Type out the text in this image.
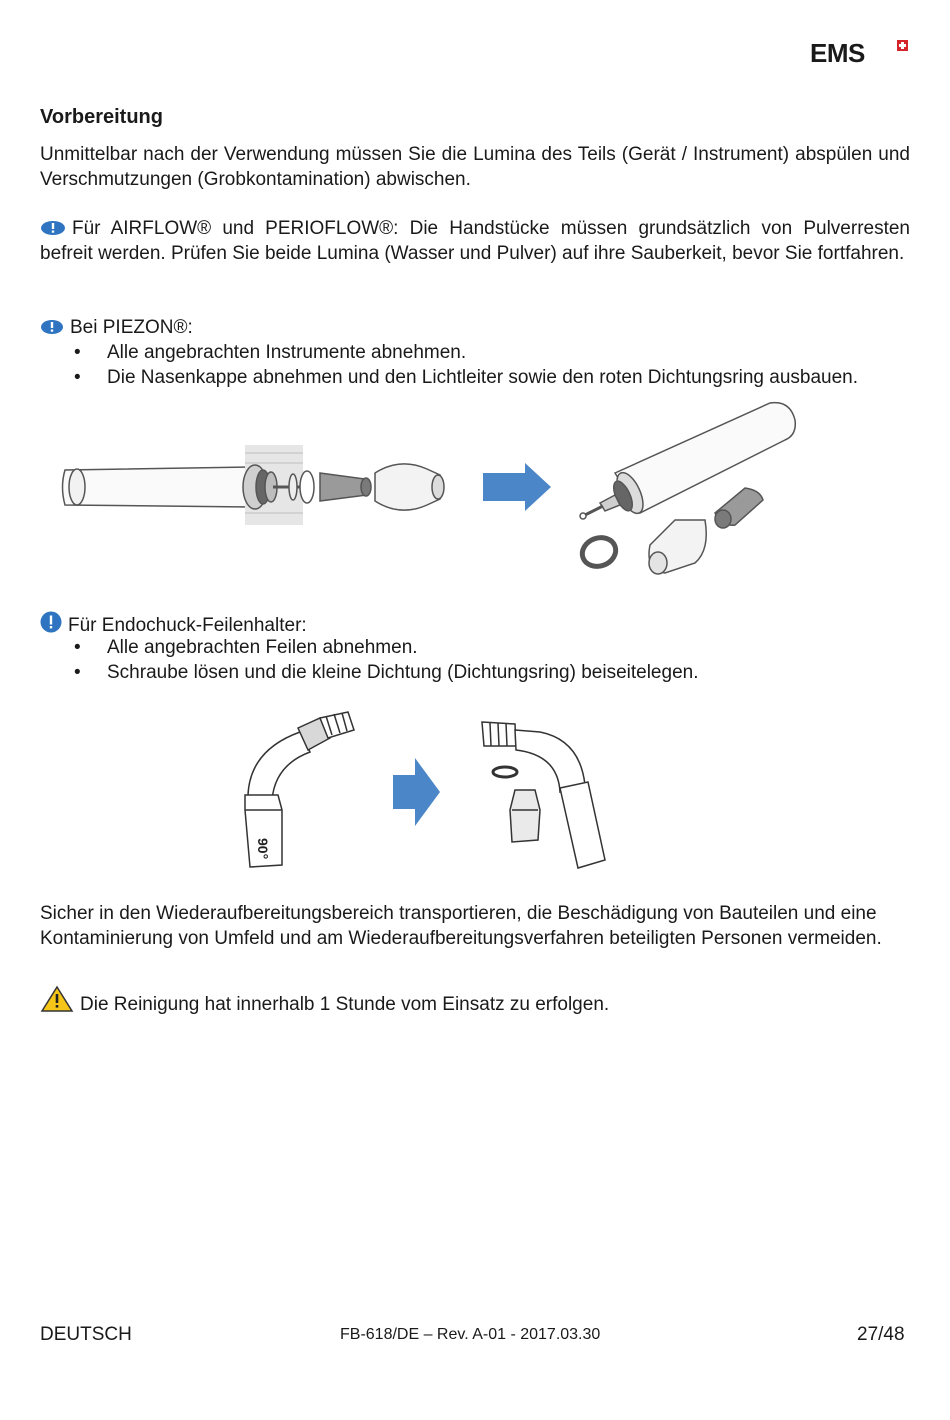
EMS
Vorbereitung
Unmittelbar nach der Verwendung müssen Sie die Lumina des Teils (Gerät / Instrument) abspülen und Verschmutzungen (Grobkontamination) abwischen.
Für AIRFLOW® und PERIOFLOW®: Die Handstücke müssen grundsätzlich von Pulverresten befreit werden. Prüfen Sie beide Lumina (Wasser und Pulver) auf ihre Sauberkeit, bevor Sie fortfahren.
Bei PIEZON®:
• Alle angebrachten Instrumente abnehmen.
• Die Nasenkappe abnehmen und den Lichtleiter sowie den roten Dichtungsring ausbauen.
Für Endochuck-Feilenhalter:
• Alle angebrachten Feilen abnehmen.
• Schraube lösen und die kleine Dichtung (Dichtungsring) beiseitelegen.
90°
Sicher in den Wiederaufbereitungsbereich transportieren, die Beschädigung von Bauteilen und eine Kontaminierung von Umfeld und am Wiederaufbereitungsverfahren beteiligten Personen vermeiden.
Die Reinigung hat innerhalb 1 Stunde vom Einsatz zu erfolgen.
DEUTSCH	FB-618/DE – Rev. A-01 - 2017.03.30	27/48
